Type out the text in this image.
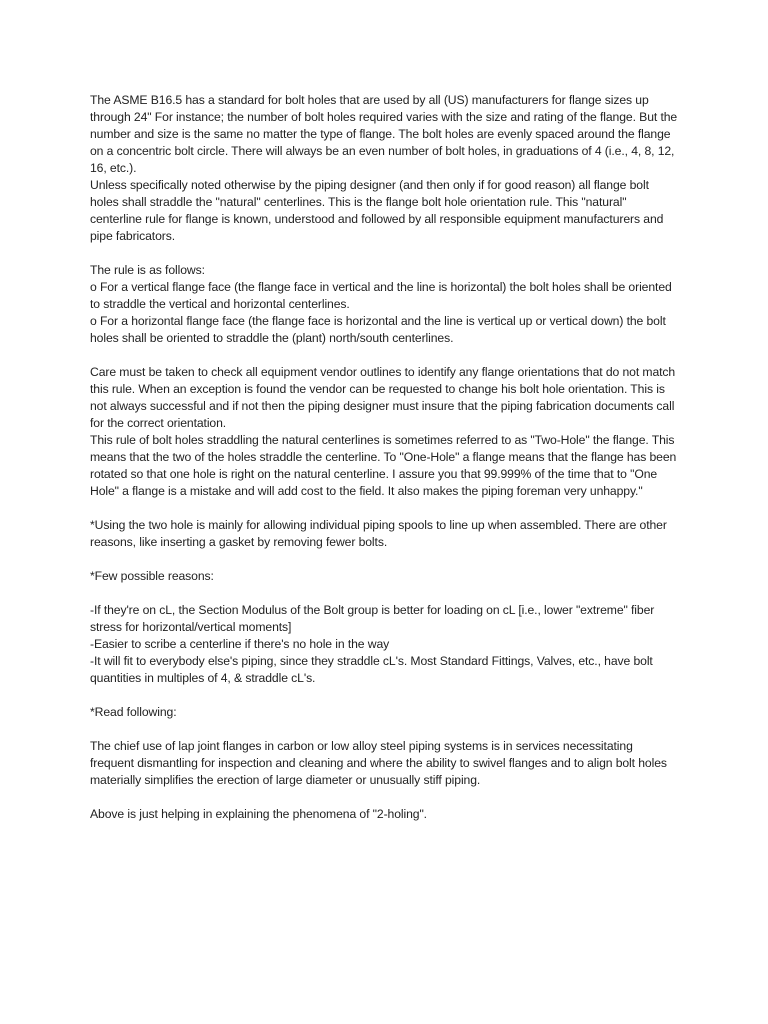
The ASME B16.5 has a standard for bolt holes that are used by all (US) manufacturers for flange sizes up through 24" For instance; the number of bolt holes required varies with the size and rating of the flange. But the number and size is the same no matter the type of flange. The bolt holes are evenly spaced around the flange on a concentric bolt circle. There will always be an even number of bolt holes, in graduations of 4 (i.e., 4, 8, 12, 16, etc.).

Unless specifically noted otherwise by the piping designer (and then only if for good reason) all flange bolt holes shall straddle the "natural" centerlines. This is the flange bolt hole orientation rule. This "natural" centerline rule for flange is known, understood and followed by all responsible equipment manufacturers and pipe fabricators.

The rule is as follows:

o For a vertical flange face (the flange face in vertical and the line is horizontal) the bolt holes shall be oriented to straddle the vertical and horizontal centerlines.

o For a horizontal flange face (the flange face is horizontal and the line is vertical up or vertical down) the bolt holes shall be oriented to straddle the (plant) north/south centerlines.

Care must be taken to check all equipment vendor outlines to identify any flange orientations that do not match this rule. When an exception is found the vendor can be requested to change his bolt hole orientation. This is not always successful and if not then the piping designer must insure that the piping fabrication documents call for the correct orientation.

This rule of bolt holes straddling the natural centerlines is sometimes referred to as "Two-Hole" the flange. This means that the two of the holes straddle the centerline. To "One-Hole" a flange means that the flange has been rotated so that one hole is right on the natural centerline. I assure you that 99.999% of the time that to "One Hole" a flange is a mistake and will add cost to the field. It also makes the piping foreman very unhappy."

*Using the two hole is mainly for allowing individual piping spools to line up when assembled. There are other reasons, like inserting a gasket by removing fewer bolts.

*Few possible reasons:

-If they're on cL, the Section Modulus of the Bolt group is better for loading on cL [i.e., lower "extreme" fiber stress for horizontal/vertical moments]

-Easier to scribe a centerline if there's no hole in the way

-It will fit to everybody else's piping, since they straddle cL's. Most Standard Fittings, Valves, etc., have bolt quantities in multiples of 4, & straddle cL's.

*Read following:

The chief use of lap joint flanges in carbon or low alloy steel piping systems is in services necessitating frequent dismantling for inspection and cleaning and where the ability to swivel flanges and to align bolt holes materially simplifies the erection of large diameter or unusually stiff piping.

Above is just helping in explaining the phenomena of "2-holing".
